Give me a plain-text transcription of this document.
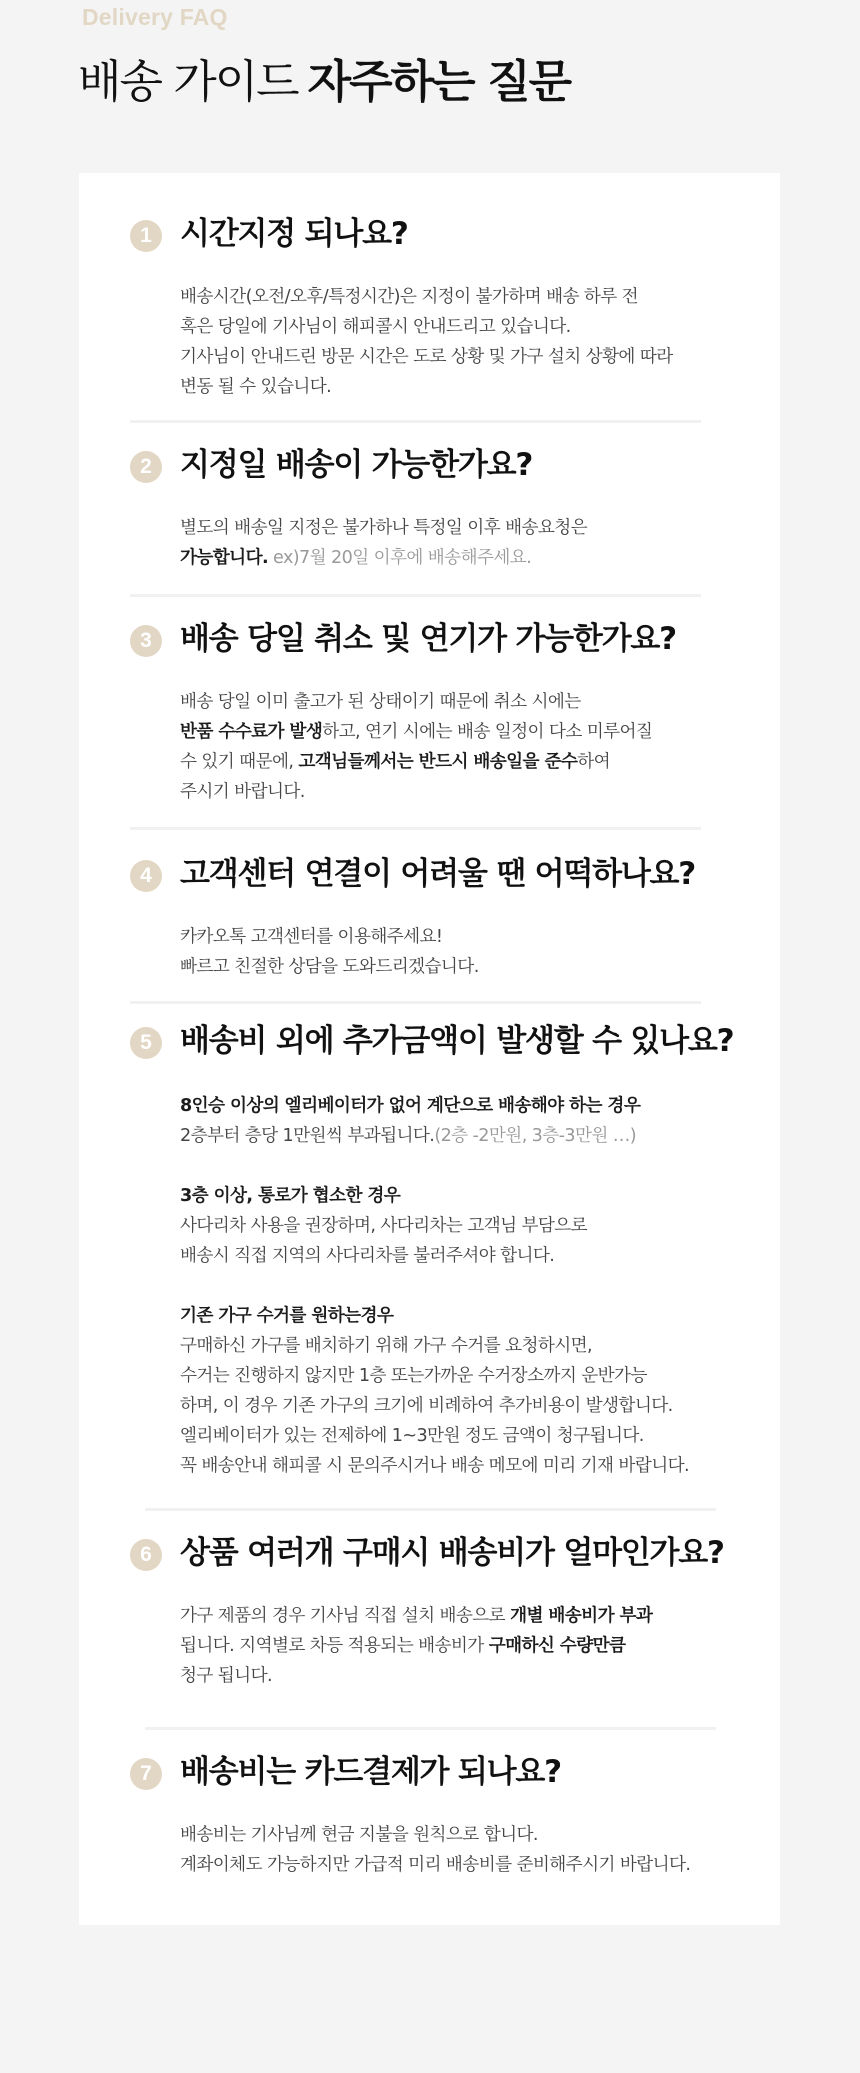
Delivery FAQ
배송 가이드 자주하는 질문
1 시간지정 되나요?

배송시간(오전/오후/특정시간)은 지정이 불가하며 배송 하루 전

혹은 당일에 기사님이 해피콜시 안내드리고 있습니다.

기사님이 안내드린 방문 시간은 도로 상황 및 가구 설치 상황에 따라

변동 될 수 있습니다.

2 지정일 배송이 가능한가요?

별도의 배송일 지정은 불가하나 특정일 이후 배송요청은

가능합니다. ex)7월 20일 이후에 배송해주세요.

3 배송 당일 취소 및 연기가 가능한가요?

배송 당일 이미 출고가 된 상태이기 때문에 취소 시에는

반품 수수료가 발생하고, 연기 시에는 배송 일정이 다소 미루어질

수 있기 때문에, 고객님들께서는 반드시 배송일을 준수하여

주시기 바랍니다.

4 고객센터 연결이 어려울 땐 어떡하나요?

카카오톡 고객센터를 이용해주세요!

빠르고 친절한 상담을 도와드리겠습니다.

5 배송비 외에 추가금액이 발생할 수 있나요?

8인승 이상의 엘리베이터가 없어 계단으로 배송해야 하는 경우

2층부터 층당 1만원씩 부과됩니다.(2층 -2만원, 3층-3만원 …)

3층 이상, 통로가 협소한 경우

사다리차 사용을 권장하며, 사다리차는 고객님 부담으로

배송시 직접 지역의 사다리차를 불러주셔야 합니다.

기존 가구 수거를 원하는경우

구매하신 가구를 배치하기 위해 가구 수거를 요청하시면,

수거는 진행하지 않지만 1층 또는가까운 수거장소까지 운반가능

하며, 이 경우 기존 가구의 크기에 비례하여 추가비용이 발생합니다.

엘리베이터가 있는 전제하에 1~3만원 정도 금액이 청구됩니다.

꼭 배송안내 해피콜 시 문의주시거나 배송 메모에 미리 기재 바랍니다.

6 상품 여러개 구매시 배송비가 얼마인가요?

가구 제품의 경우 기사님 직접 설치 배송으로 개별 배송비가 부과

됩니다. 지역별로 차등 적용되는 배송비가 구매하신 수량만큼

청구 됩니다.

7 배송비는 카드결제가 되나요?

배송비는 기사님께 현금 지불을 원칙으로 합니다.

계좌이체도 가능하지만 가급적 미리 배송비를 준비해주시기 바랍니다.
